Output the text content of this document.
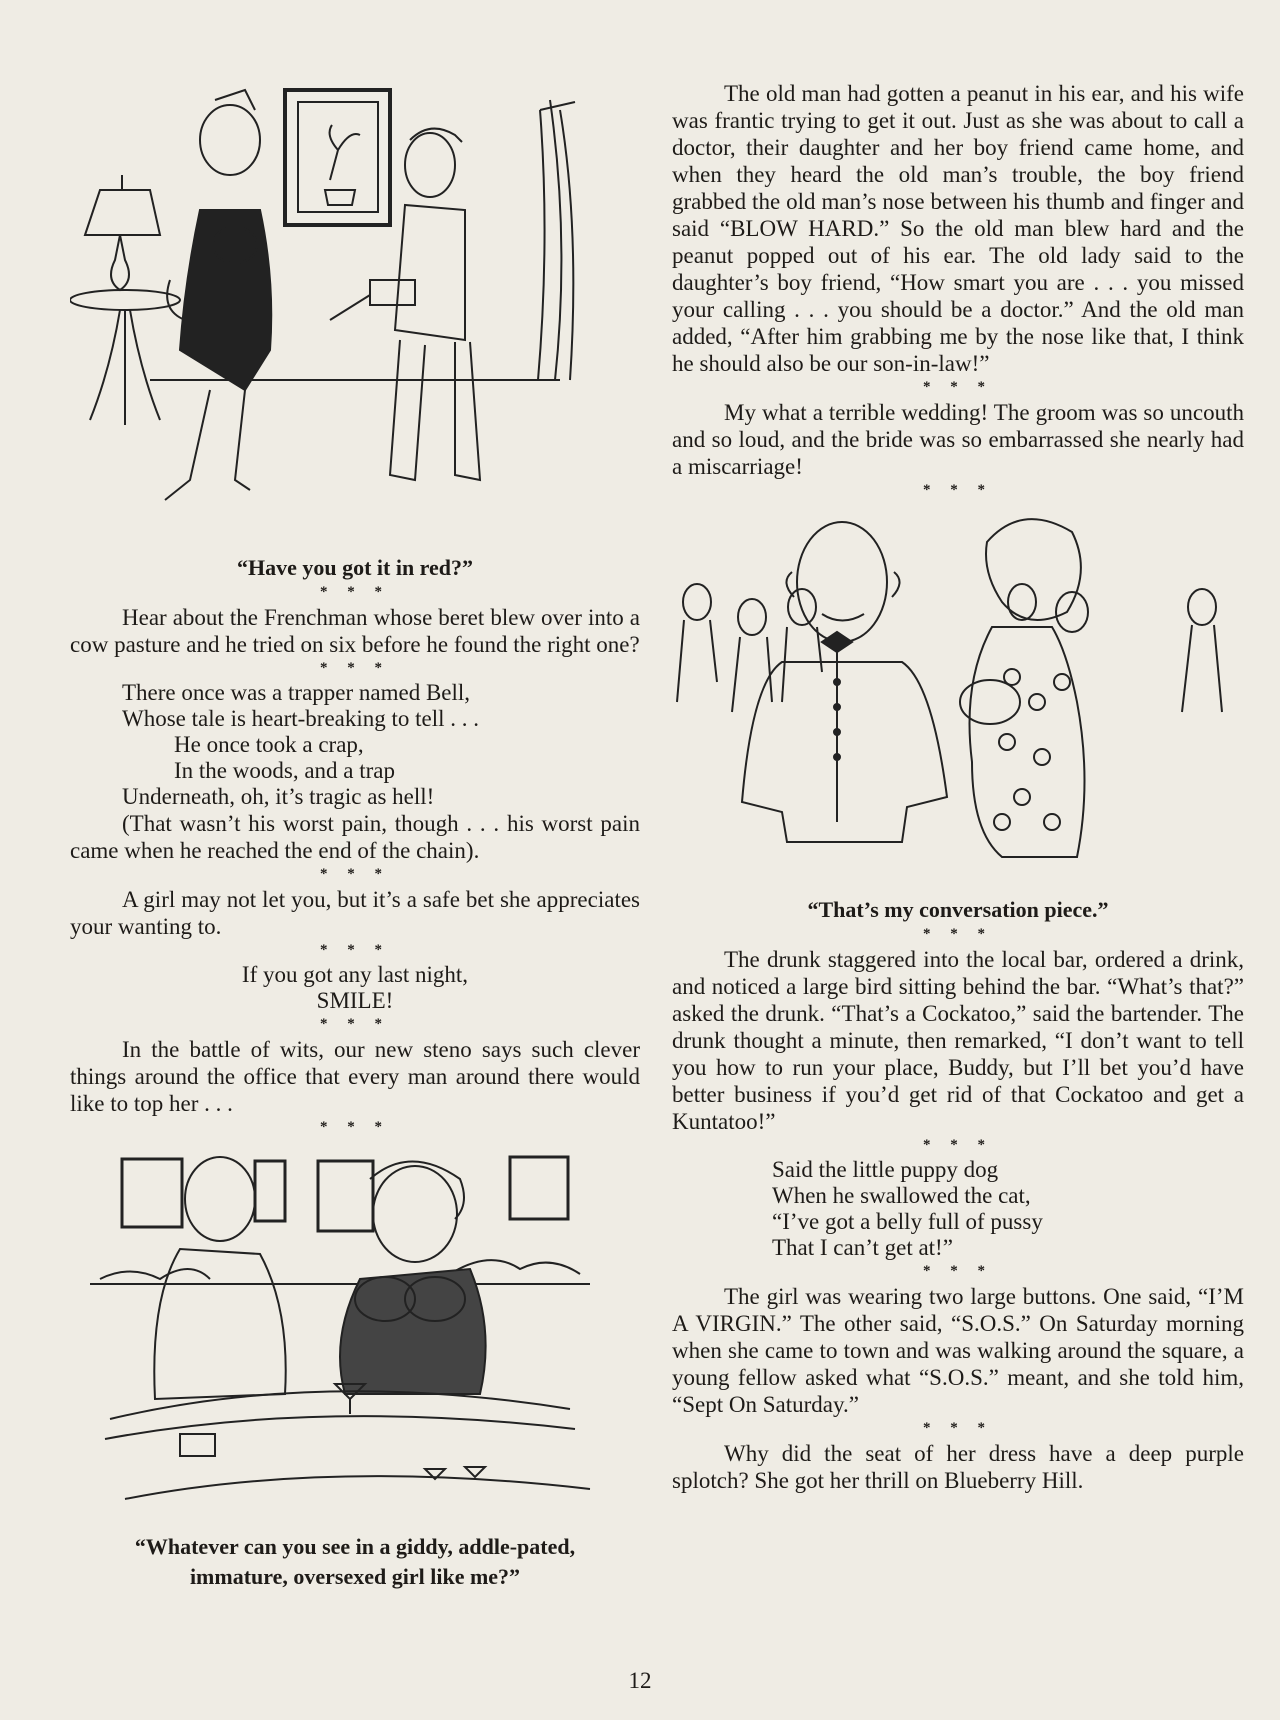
“Have you got it in red?”
* * *

Hear about the Frenchman whose beret blew over into a cow pasture and he tried on six before he found the right one?

* * *
There once was a trapper named Bell,
Whose tale is heart-breaking to tell . . .
He once took a crap,
In the woods, and a trap
Underneath, oh, it’s tragic as hell!

(That wasn’t his worst pain, though . . . his worst pain came when he reached the end of the chain).

* * *

A girl may not let you, but it’s a safe bet she appreciates your wanting to.

* * *
If you got any last night,
SMILE!
* * *

In the battle of wits, our new steno says such clever things around the office that every man around there would like to top her . . .

* * *
“Whatever can you see in a giddy, addle-pated,
immature, oversexed girl like me?”

The old man had gotten a peanut in his ear, and his wife was frantic trying to get it out. Just as she was about to call a doctor, their daughter and her boy friend came home, and when they heard the old man’s trouble, the boy friend grabbed the old man’s nose between his thumb and finger and said “BLOW HARD.” So the old man blew hard and the peanut popped out of his ear. The old lady said to the daughter’s boy friend, “How smart you are . . . you missed your calling . . . you should be a doctor.” And the old man added, “After him grabbing me by the nose like that, I think he should also be our son-in-law!”

* * *

My what a terrible wedding! The groom was so uncouth and so loud, and the bride was so embarrassed she nearly had a miscarriage!

* * *
“That’s my conversation piece.”
* * *

The drunk staggered into the local bar, ordered a drink, and noticed a large bird sitting behind the bar. “What’s that?” asked the drunk. “That’s a Cockatoo,” said the bartender. The drunk thought a minute, then remarked, “I don’t want to tell you how to run your place, Buddy, but I’ll bet you’d have better business if you’d get rid of that Cockatoo and get a Kuntatoo!”

* * *
Said the little puppy dog
When he swallowed the cat,
“I’ve got a belly full of pussy
That I can’t get at!”
* * *

The girl was wearing two large buttons. One said, “I’M A VIRGIN.” The other said, “S.O.S.” On Saturday morning when she came to town and was walking around the square, a young fellow asked what “S.O.S.” meant, and she told him, “Sept On Saturday.”

* * *

Why did the seat of her dress have a deep purple splotch? She got her thrill on Blueberry Hill.

12
